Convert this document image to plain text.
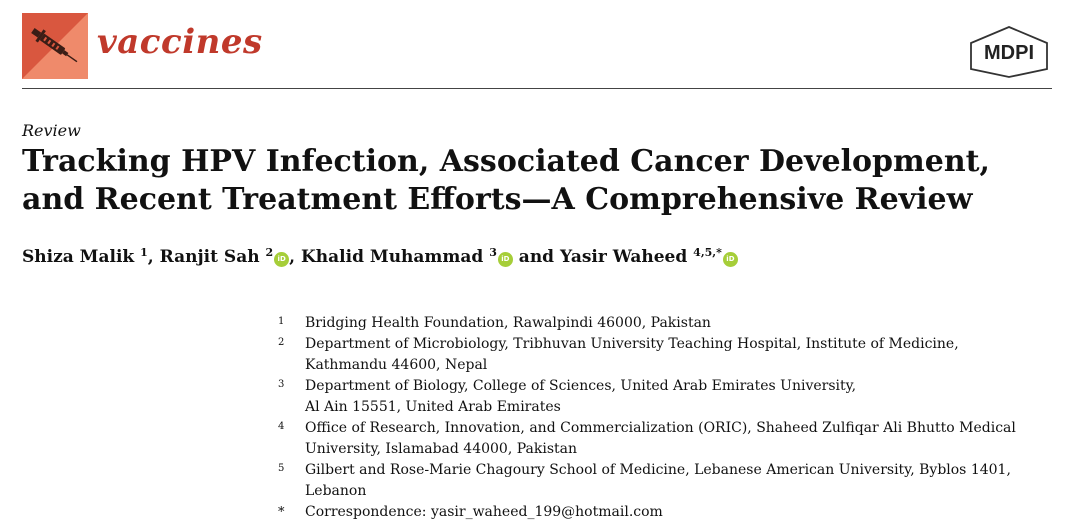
vaccines	MDPI
Review
Tracking HPV Infection, Associated Cancer Development,
and Recent Treatment Efforts—A Comprehensive Review
Shiza Malik $^1$, Ranjit Sah $^2$ iD , Khalid Muhammad $^3$ iD and Yasir Waheed $^{4,5,*}$ iD
1 Bridging Health Foundation, Rawalpindi 46000, Pakistan
2 Department of Microbiology, Tribhuvan University Teaching Hospital, Institute of Medicine,
Kathmandu 44600, Nepal
3 Department of Biology, College of Sciences, United Arab Emirates University,
Al Ain 15551, United Arab Emirates
4 Office of Research, Innovation, and Commercialization (ORIC), Shaheed Zulfiqar Ali Bhutto Medical
University, Islamabad 44000, Pakistan
5 Gilbert and Rose-Marie Chagoury School of Medicine, Lebanese American University, Byblos 1401, Lebanon
* Correspondence: yasir_waheed_199@hotmail.com
